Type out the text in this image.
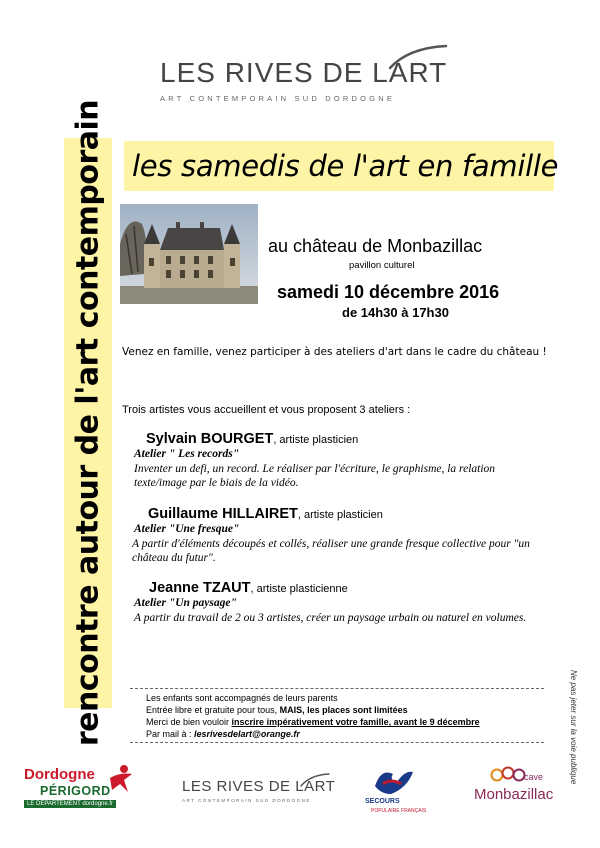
LES RIVES DE LART
ART CONTEMPORAIN SUD DORDOGNE
rencontre autour de l'art contemporain les samedis de l'art en famille
au château de Monbazillac
pavillon culturel
samedi 10 décembre 2016
de 14h30 à 17h30
Venez en famille, venez participer à des ateliers d'art dans le cadre du château !
Trois artistes vous accueillent et vous proposent 3 ateliers :
Sylvain BOURGET, artiste plasticien
Atelier " Les records"
Inventer un defi, un record. Le réaliser par l'écriture, le graphisme, la relation texte/image par le biais de la vidéo.
Guillaume HILLAIRET, artiste plasticien
Atelier "Une fresque"
A partir d'éléments découpés et collés, réaliser une grande fresque collective pour "un château du futur".
Jeanne TZAUT, artiste plasticienne
Atelier "Un paysage"
A partir du travail de 2 ou 3 artistes, créer un paysage urbain ou naturel en volumes.
Les enfants sont accompagnés de leurs parents
Entrée libre et gratuite pour tous, MAIS, les places sont limitées
Merci de bien vouloir inscrire impérativement votre famille, avant le 9 décembre
Par mail à : lesrivesdelart@orange.fr	Ne pas jeter sur la voie publique
Dordogne
PÉRIGORD
LE DÉPARTEMENT dordogne.fr
LES RIVES DE LART
ART CONTEMPORAIN SUD DORDOGNE	SECOURS
POPULAIRE FRANÇAIS
cave
Monbazillac
